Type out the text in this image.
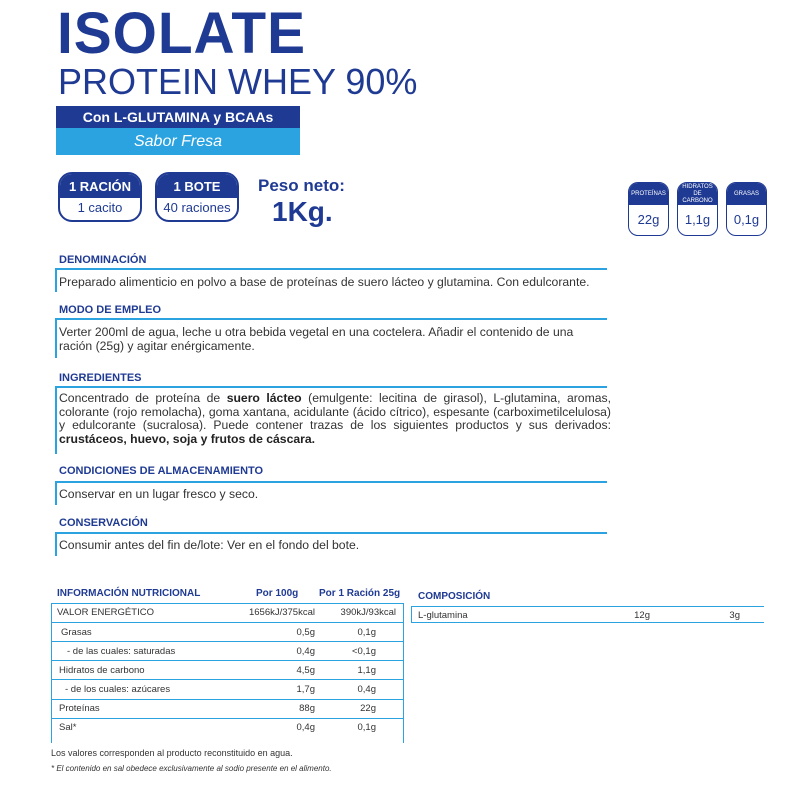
ISOLATE
PROTEIN WHEY 90%
Con L-GLUTAMINA y BCAAs
Sabor Fresa
1 RACIÓN
1 cacito
1 BOTE
40 raciones
Peso neto:
1Kg.
PROTEÍNAS
22g
HIDRATOS DE CARBONO
1,1g
GRASAS
0,1g
DENOMINACIÓN
Preparado alimenticio en polvo a base de proteínas de suero lácteo y glutamina. Con edulcorante.
MODO DE EMPLEO
Verter 200ml de agua, leche u otra bebida vegetal en una coctelera. Añadir el contenido de una
ración (25g) y agitar enérgicamente.
INGREDIENTES
Concentrado de proteína de suero lácteo (emulgente: lecitina de girasol), L-glutamina, aromas, colorante (rojo remolacha), goma xantana, acidulante (ácido cítrico), espesante (carboximetilcelulosa) y edulcorante (sucralosa). Puede contener trazas de los siguientes productos y sus derivados: crustáceos, huevo, soja y frutos de cáscara.
CONDICIONES DE ALMACENAMIENTO
Conservar en un lugar fresco y seco.
CONSERVACIÓN
Consumir antes del fin de/lote: Ver en el fondo del bote.
INFORMACIÓN NUTRICIONAL	Por 100g Por 1 Ración 25g
VALOR ENERGÉTICO	1656kJ/375kcal	390kJ/93kcal
Grasas	0,5g	0,1g
- de las cuales: saturadas	0,4g	<0,1g
Hidratos de carbono	4,5g	1,1g
- de los cuales: azúcares	1,7g	0,4g
Proteínas	88g	22g
Sal*	0,4g	0,1g
Los valores corresponden al producto reconstituido en agua.
* El contenido en sal obedece exclusivamente al sodio presente en el alimento.
COMPOSICIÓN
L-glutamina	12g	3g
